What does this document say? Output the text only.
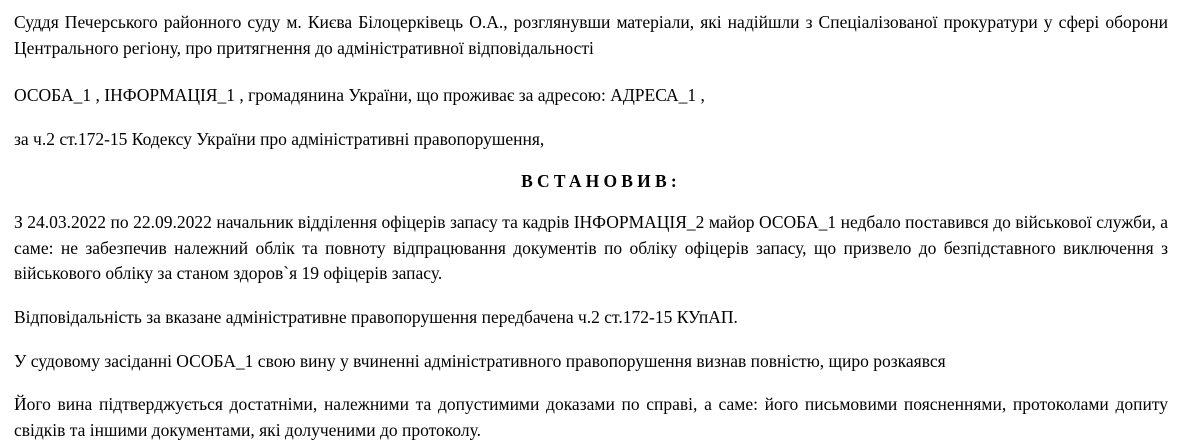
Суддя Печерського районного суду м. Києва Білоцерківець О.А., розглянувши матеріали, які надійшли з Спеціалізованої прокуратури у сфері оборони Центрального регіону, про притягнення до адміністративної відповідальності

ОСОБА_1 , ІНФОРМАЦІЯ_1 , громадянина України, що проживає за адресою: АДРЕСА_1 ,

за ч.2 ст.172-15 Кодексу України про адміністративні правопорушення,

ВСТАНОВИВ:

З 24.03.2022 по 22.09.2022 начальник відділення офіцерів запасу та кадрів ІНФОРМАЦІЯ_2 майор ОСОБА_1 недбало поставився до військової служби, а саме: не забезпечив належний облік та повноту відпрацювання документів по обліку офіцерів запасу, що призвело до безпідставного виключення з військового обліку за станом здоров`я 19 офіцерів запасу.

Відповідальність за вказане адміністративне правопорушення передбачена ч.2 ст.172-15 КУпАП.

У судовому засіданні ОСОБА_1 свою вину у вчиненні адміністративного правопорушення визнав повністю, щиро розкаявся

Його вина підтверджується достатніми, належними та допустимими доказами по справі, а саме: його письмовими поясненнями, протоколами допиту свідків та іншими документами, які долученими до протоколу.
